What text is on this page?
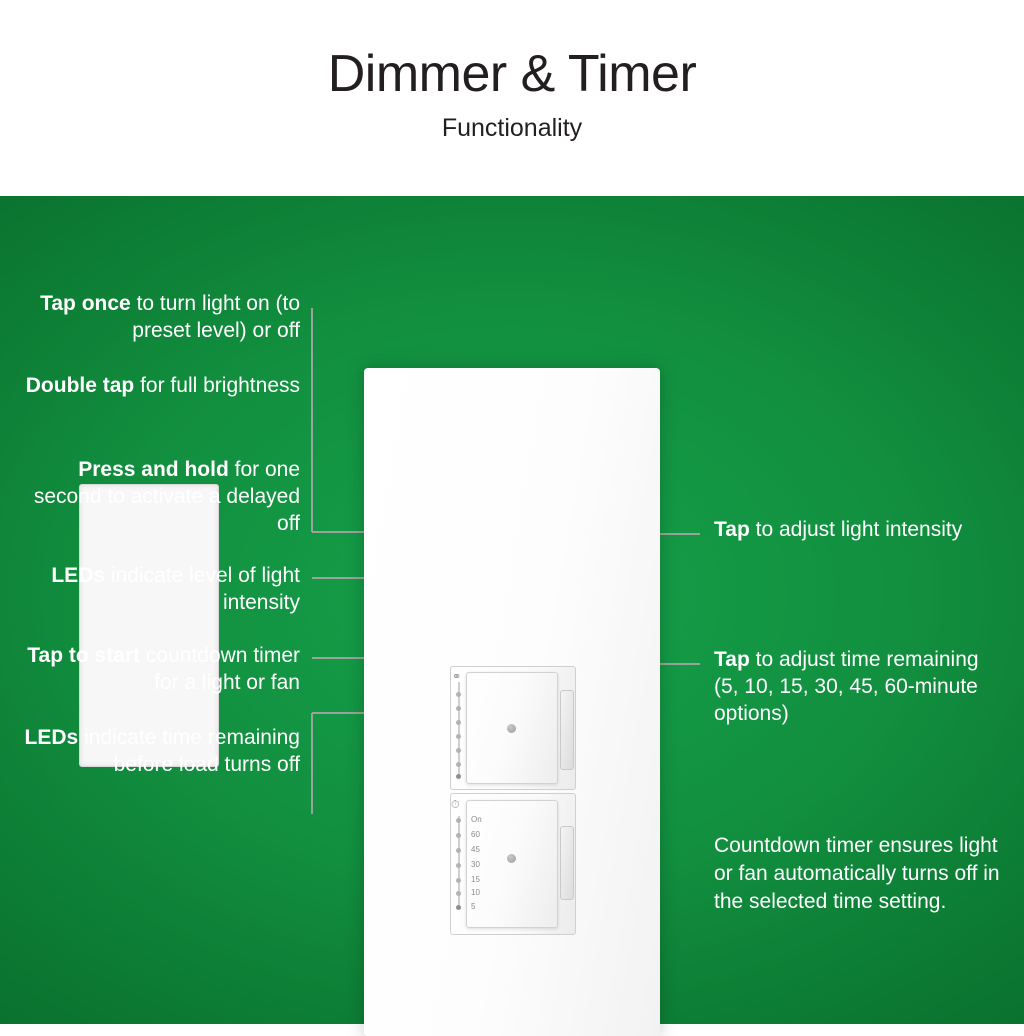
Dimmer & Timer
Functionality
⚭
⏱
On
60
45
30
15
10
5
Tap once to turn light on (to preset level) or off
Double tap for full brightness
Press and hold for one second to activate a delayed off
LEDs indicate level of light intensity
Tap to start countdown timer for a light or fan
LEDs indicate time remaining before load turns off
Tap to adjust light intensity
Tap to adjust time remaining (5, 10, 15, 30, 45, 60-minute options)
Countdown timer ensures light or fan automatically turns off in the selected time setting.
